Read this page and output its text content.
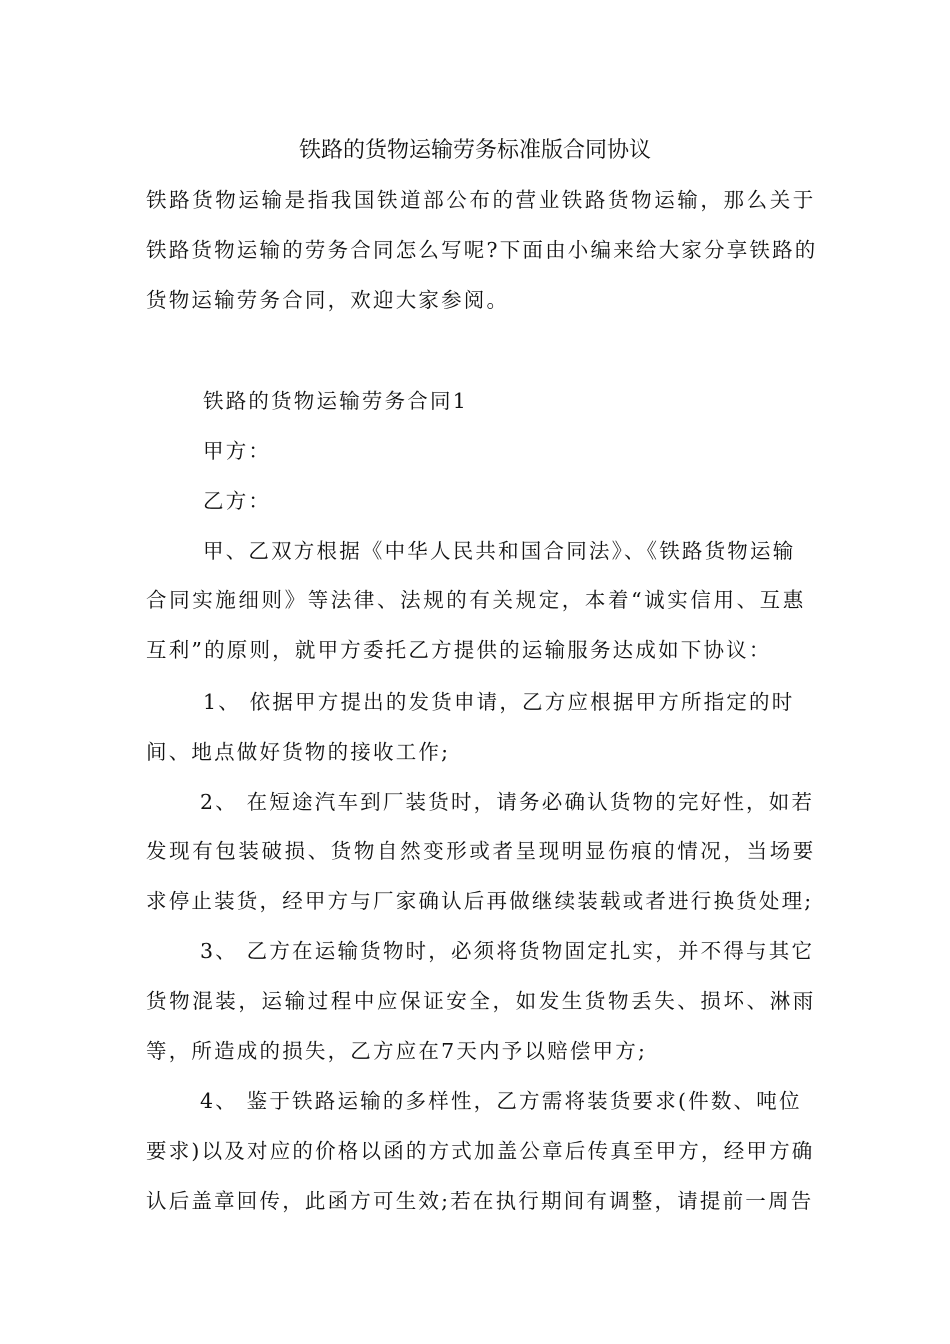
铁路的货物运输劳务标准版合同协议
铁路货物运输是指我国铁道部公布的营业铁路货物运输，那么关于
铁路货物运输的劳务合同怎么写呢?下面由小编来给大家分享铁路的
货物运输劳务合同，欢迎大家参阅。
铁路的货物运输劳务合同1
甲方：
乙方：
甲、乙双方根据《中华人民共和国合同法》、《铁路货物运输
合同实施细则》等法律、法规的有关规定，本着“诚实信用、互惠
互利”的原则，就甲方委托乙方提供的运输服务达成如下协议：
1、 依据甲方提出的发货申请，乙方应根据甲方所指定的时
间、地点做好货物的接收工作;
2、 在短途汽车到厂装货时，请务必确认货物的完好性，如若
发现有包装破损、货物自然变形或者呈现明显伤痕的情况，当场要
求停止装货，经甲方与厂家确认后再做继续装载或者进行换货处理;
3、 乙方在运输货物时，必须将货物固定扎实，并不得与其它
货物混装，运输过程中应保证安全，如发生货物丢失、损坏、淋雨
等，所造成的损失，乙方应在7天内予以赔偿甲方;
4、 鉴于铁路运输的多样性，乙方需将装货要求(件数、吨位
要求)以及对应的价格以函的方式加盖公章后传真至甲方，经甲方确
认后盖章回传，此函方可生效;若在执行期间有调整，请提前一周告
